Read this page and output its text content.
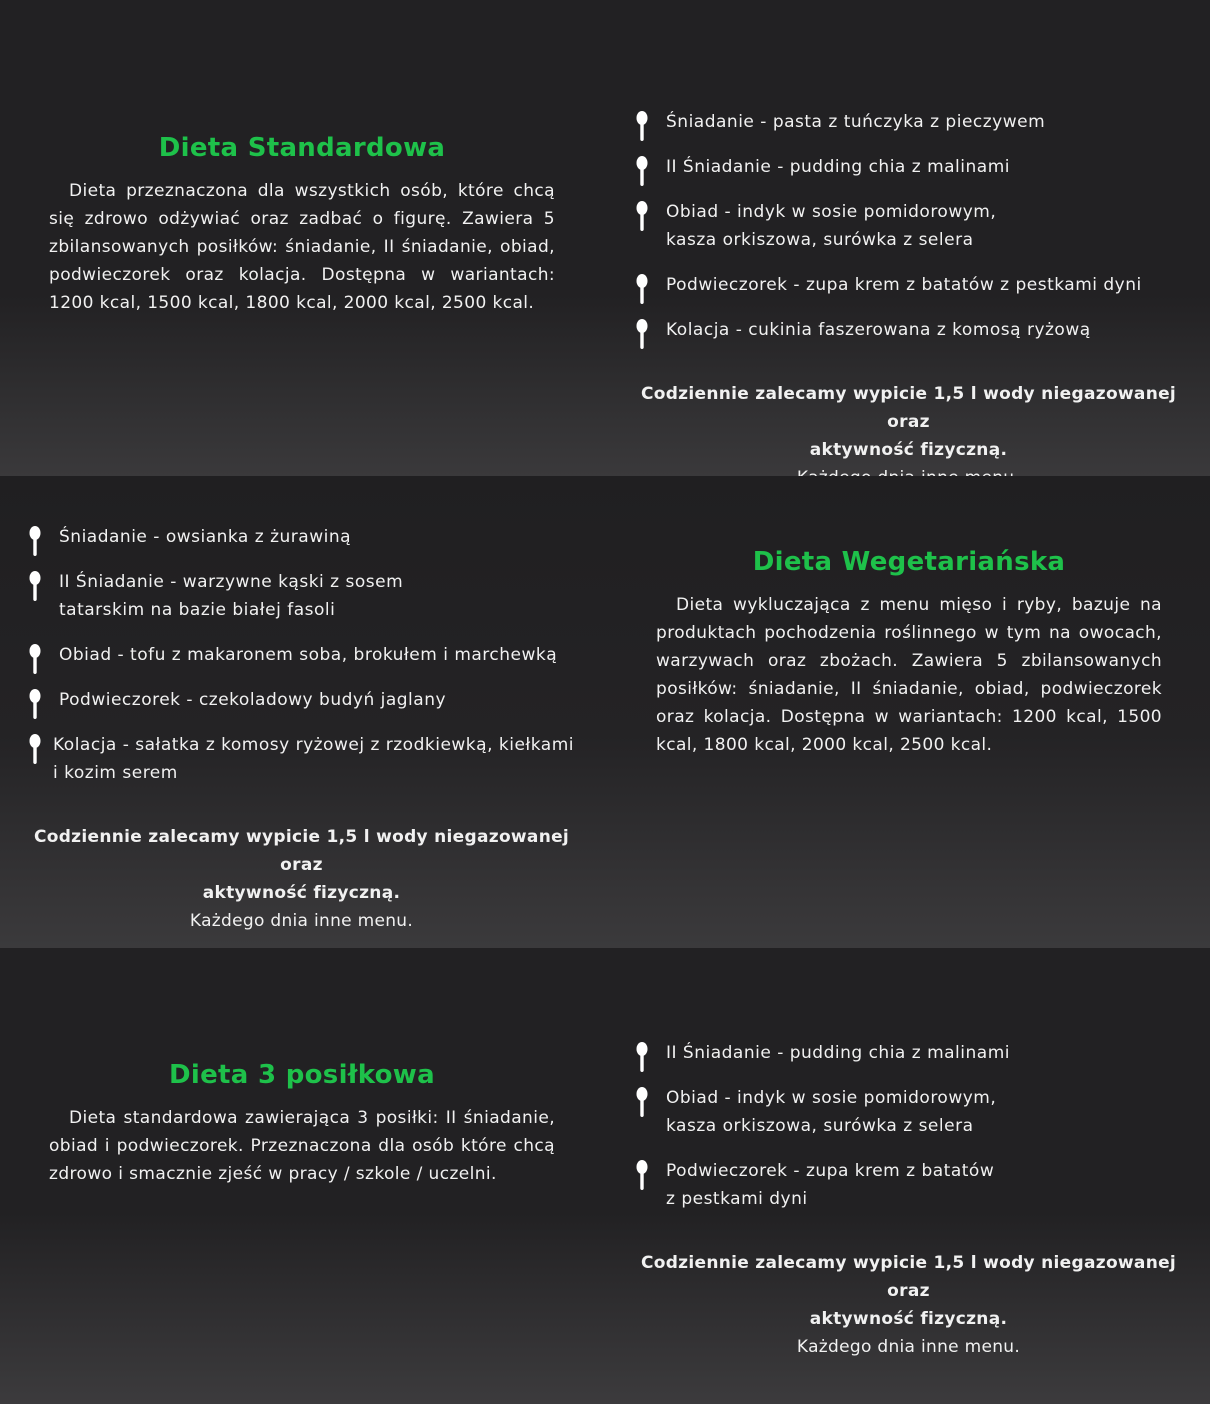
Dieta Standardowa

Dieta przeznaczona dla wszystkich osób, które chcą się zdrowo odżywiać oraz zadbać o figurę. Zawiera 5 zbilansowanych posiłków: śniadanie, II śniadanie, obiad, podwieczorek oraz kolacja. Dostępna w wariantach: 1200 kcal, 1500 kcal, 1800 kcal, 2000 kcal, 2500 kcal.

Śniadanie - pasta z tuńczyka z pieczywem
II Śniadanie - pudding chia z malinami
Obiad - indyk w sosie pomidorowym,
kasza orkiszowa, surówka z selera
Podwieczorek - zupa krem z batatów z pestkami dyni
Kolacja - cukinia faszerowana z komosą ryżową
Codziennie zalecamy wypicie 1,5 l wody niegazowanej oraz
aktywność fizyczną.
Śniadanie - owsianka z żurawiną
II Śniadanie - warzywne kąski z sosem
tatarskim na bazie białej fasoli
Obiad - tofu z makaronem soba, brokułem i marchewką
Podwieczorek - czekoladowy budyń jaglany
Kolacja - sałatka z komosy ryżowej z rzodkiewką, kiełkami
i kozim serem
Codziennie zalecamy wypicie 1,5 l wody niegazowanej oraz
aktywność fizyczną.
Każdego dnia inne menu.
Dieta Wegetariańska

Dieta wykluczająca z menu mięso i ryby, bazuje na produktach pochodzenia roślinnego w tym na owocach, warzywach oraz zbożach. Zawiera 5 zbilansowanych posiłków: śniadanie, II śniadanie, obiad, podwieczorek oraz kolacja. Dostępna w wariantach: 1200 kcal, 1500 kcal, 1800 kcal, 2000 kcal, 2500 kcal.

Dieta 3 posiłkowa

Dieta standardowa zawierająca 3 posiłki: II śniadanie, obiad i podwieczorek. Przeznaczona dla osób które chcą zdrowo i smacznie zjeść w pracy / szkole / uczelni.

II Śniadanie - pudding chia z malinami
Obiad - indyk w sosie pomidorowym,
kasza orkiszowa, surówka z selera
Podwieczorek - zupa krem z batatów
z pestkami dyni
Codziennie zalecamy wypicie 1,5 l wody niegazowanej oraz
aktywność fizyczną.
Każdego dnia inne menu.
